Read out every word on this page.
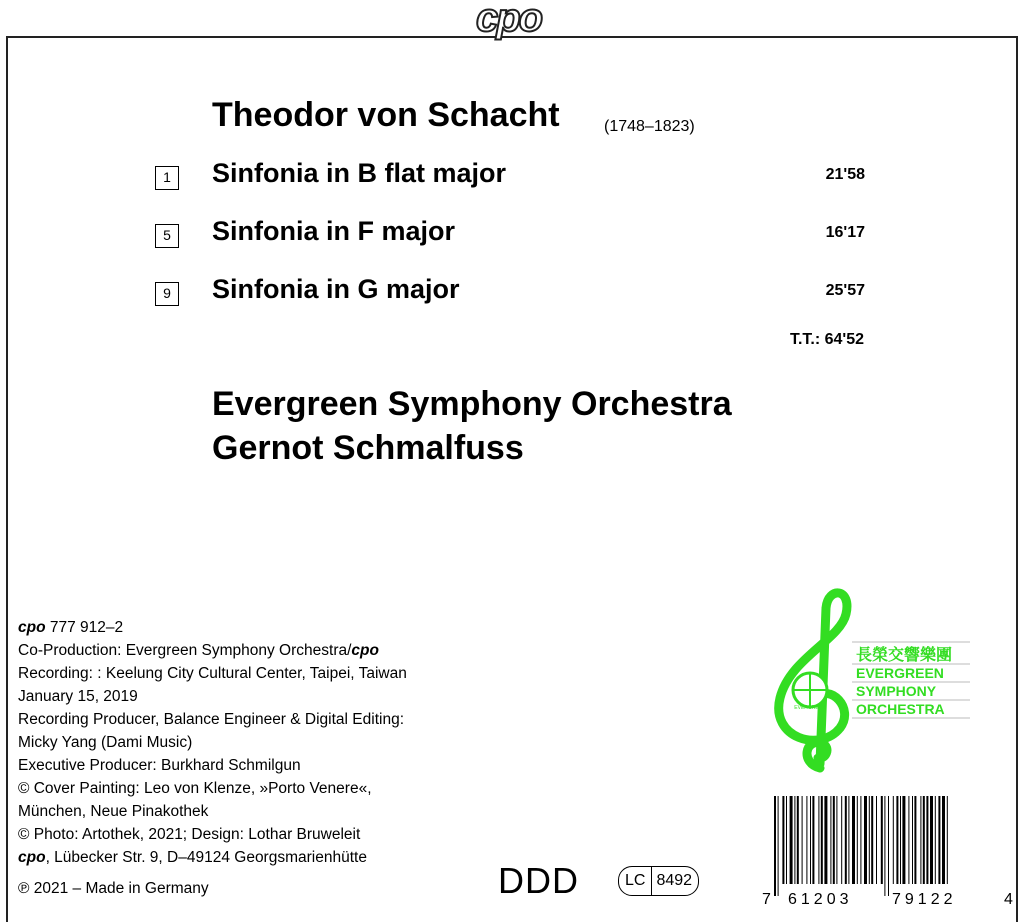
cpo
Theodor von Schacht	(1748–1823)
1	Sinfonia in B flat major	21'58
5	Sinfonia in F major	16'17
9	Sinfonia in G major	25'57
T.T.: 64'52
Evergreen Symphony Orchestra
Gernot Schmalfuss
cpo 777 912–2
Co-Production: Evergreen Symphony Orchestra/cpo
Recording: : Keelung City Cultural Center, Taipei, Taiwan
January 15, 2019
Recording Producer, Balance Engineer & Digital Editing:
Micky Yang (Dami Music)
Executive Producer: Burkhard Schmilgun
© Cover Painting: Leo von Klenze, »Porto Venere«,
München, Neue Pinakothek
© Photo: Artothek, 2021; Design: Lothar Bruweleit
cpo, Lübecker Str. 9, D–49124 Georgsmarienhütte
℗ 2021 – Made in Germany	DDD	LC 8492
EVERGREEN
長榮交響樂團
EVERGREEN
SYMPHONY
ORCHESTRA
7 61203 79122	4
